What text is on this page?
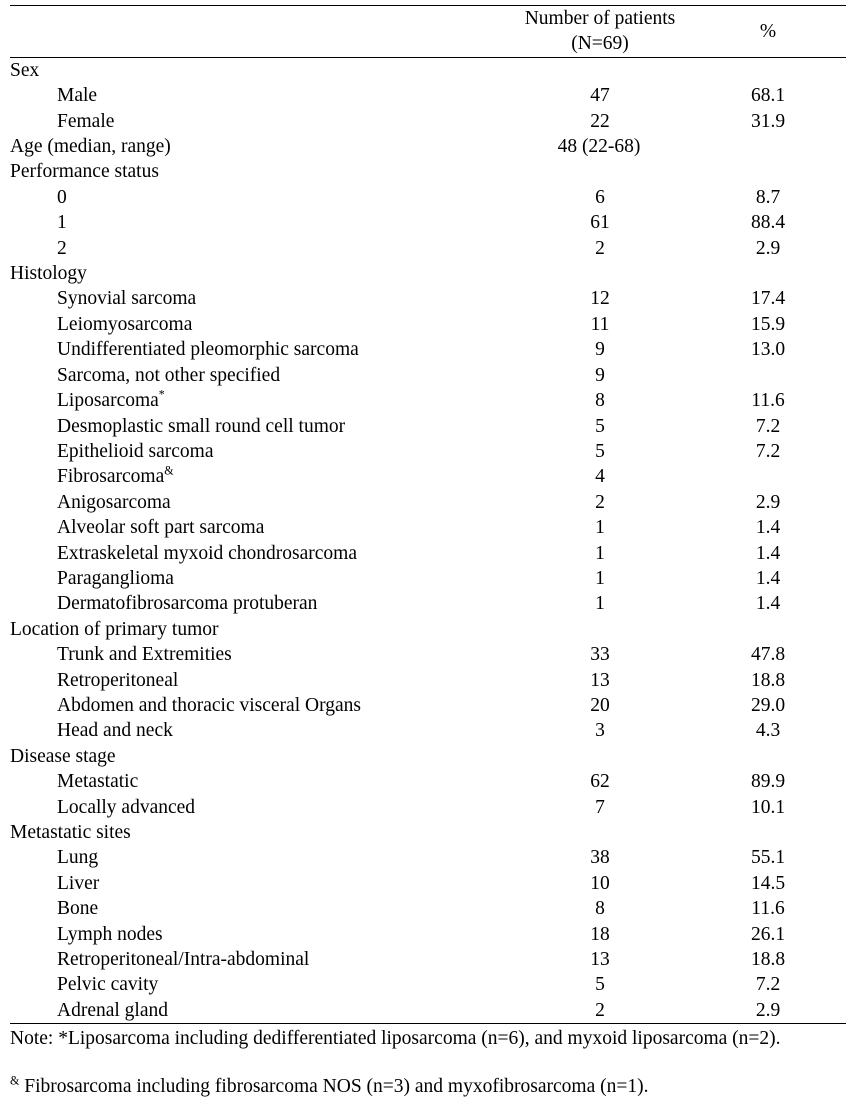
	Number of patients (N=69)	%
Sex		
Male	47	68.1
Female	22	31.9
Age (median, range)	48 (22-68)	
Performance status		
0	6	8.7
1	61	88.4
2	2	2.9
Histology		
Synovial sarcoma	12	17.4
Leiomyosarcoma	11	15.9
Undifferentiated pleomorphic sarcoma	9	13.0
Sarcoma, not other specified	9	
Liposarcoma*	8	11.6
Desmoplastic small round cell tumor	5	7.2
Epithelioid sarcoma	5	7.2
Fibrosarcoma&	4	
Anigosarcoma	2	2.9
Alveolar soft part sarcoma	1	1.4
Extraskeletal myxoid chondrosarcoma	1	1.4
Paraganglioma	1	1.4
Dermatofibrosarcoma protuberan	1	1.4
Location of primary tumor		
Trunk and Extremities	33	47.8
Retroperitoneal	13	18.8
Abdomen and thoracic visceral Organs	20	29.0
Head and neck	3	4.3
Disease stage		
Metastatic	62	89.9
Locally advanced	7	10.1
Metastatic sites		
Lung	38	55.1
Liver	10	14.5
Bone	8	11.6
Lymph nodes	18	26.1
Retroperitoneal/Intra-abdominal	13	18.8
Pelvic cavity	5	7.2
Adrenal gland	2	2.9

Note: *Liposarcoma including dedifferentiated liposarcoma (n=6), and myxoid liposarcoma (n=2).

& Fibrosarcoma including fibrosarcoma NOS (n=3) and myxofibrosarcoma (n=1).
